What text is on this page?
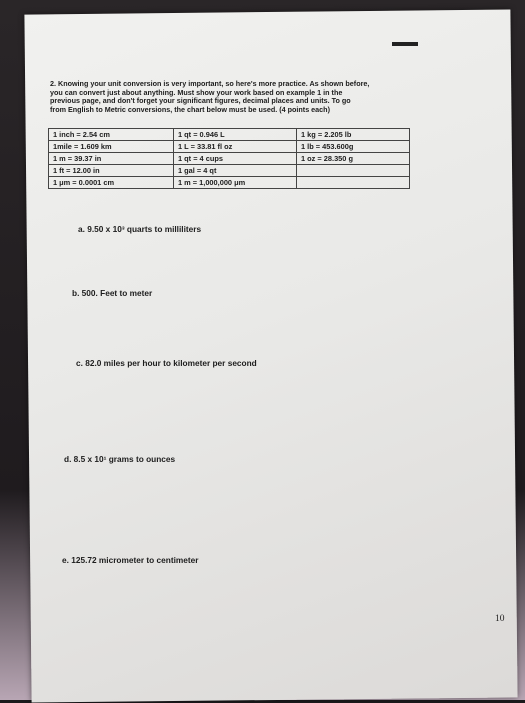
2. Knowing your unit conversion is very important, so here's more practice. As shown before,
you can convert just about anything. Must show your work based on example 1 in the
previous page, and don't forget your significant figures, decimal places and units. To go
from English to Metric conversions, the chart below must be used. (4 points each)
1 inch = 2.54 cm	1 qt = 0.946 L	1 kg = 2.205 lb
1mile = 1.609 km	1 L = 33.81 fl oz	1 lb = 453.600g
1 m = 39.37 in	1 qt = 4 cups	1 oz = 28.350 g
1 ft = 12.00 in	1 gal = 4 qt	
1 μm = 0.0001 cm	1 m = 1,000,000 μm	
a. 9.50 x 10³ quarts to milliliters
b. 500. Feet to meter
c. 82.0 miles per hour to kilometer per second
d. 8.5 x 10¹ grams to ounces
e. 125.72 micrometer to centimeter
10
